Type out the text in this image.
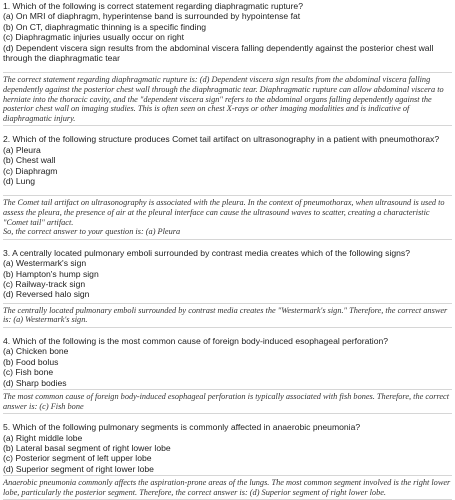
1. Which of the following is correct statement regarding diaphragmatic rupture?

(a) On MRI of diaphragm, hyperintense band is surrounded by hypointense fat

(b) On CT, diaphragmatic thinning is a specific finding

(c) Diaphragmatic injuries usually occur on right

(d) Dependent viscera sign results from the abdominal viscera falling dependently against the posterior chest wall through the diaphragmatic tear

The correct statement regarding diaphragmatic rupture is: (d) Dependent viscera sign results from the abdominal viscera falling dependently against the posterior chest wall through the diaphragmatic tear. Diaphragmatic rupture can allow abdominal viscera to herniate into the thoracic cavity, and the "dependent viscera sign" refers to the abdominal organs falling dependently against the posterior chest wall on imaging studies. This is often seen on chest X-rays or other imaging modalities and is indicative of diaphragmatic injury.

2. Which of the following structure produces Comet tail artifact on ultrasonography in a patient with pneumothorax?

(a) Pleura

(b) Chest wall

(c) Diaphragm

(d) Lung

The Comet tail artifact on ultrasonography is associated with the pleura. In the context of pneumothorax, when ultrasound is used to assess the pleura, the presence of air at the pleural interface can cause the ultrasound waves to scatter, creating a characteristic "Comet tail" artifact.

So, the correct answer to your question is: (a) Pleura

3. A centrally located pulmonary emboli surrounded by contrast media creates which of the following signs?

(a) Westermark's sign

(b) Hampton's hump sign

(c) Railway-track sign

(d) Reversed halo sign

The centrally located pulmonary emboli surrounded by contrast media creates the "Westermark's sign." Therefore, the correct answer is: (a) Westermark's sign.

4. Which of the following is the most common cause of foreign body-induced esophageal perforation?

(a) Chicken bone

(b) Food bolus

(c) Fish bone

(d) Sharp bodies

The most common cause of foreign body-induced esophageal perforation is typically associated with fish bones. Therefore, the correct answer is: (c) Fish bone

5. Which of the following pulmonary segments is commonly affected in anaerobic pneumonia?

(a) Right middle lobe

(b) Lateral basal segment of right lower lobe

(c) Posterior segment of left upper lobe

(d) Superior segment of right lower lobe

Anaerobic pneumonia commonly affects the aspiration-prone areas of the lungs. The most common segment involved is the right lower lobe, particularly the posterior segment. Therefore, the correct answer is: (d) Superior segment of right lower lobe.
